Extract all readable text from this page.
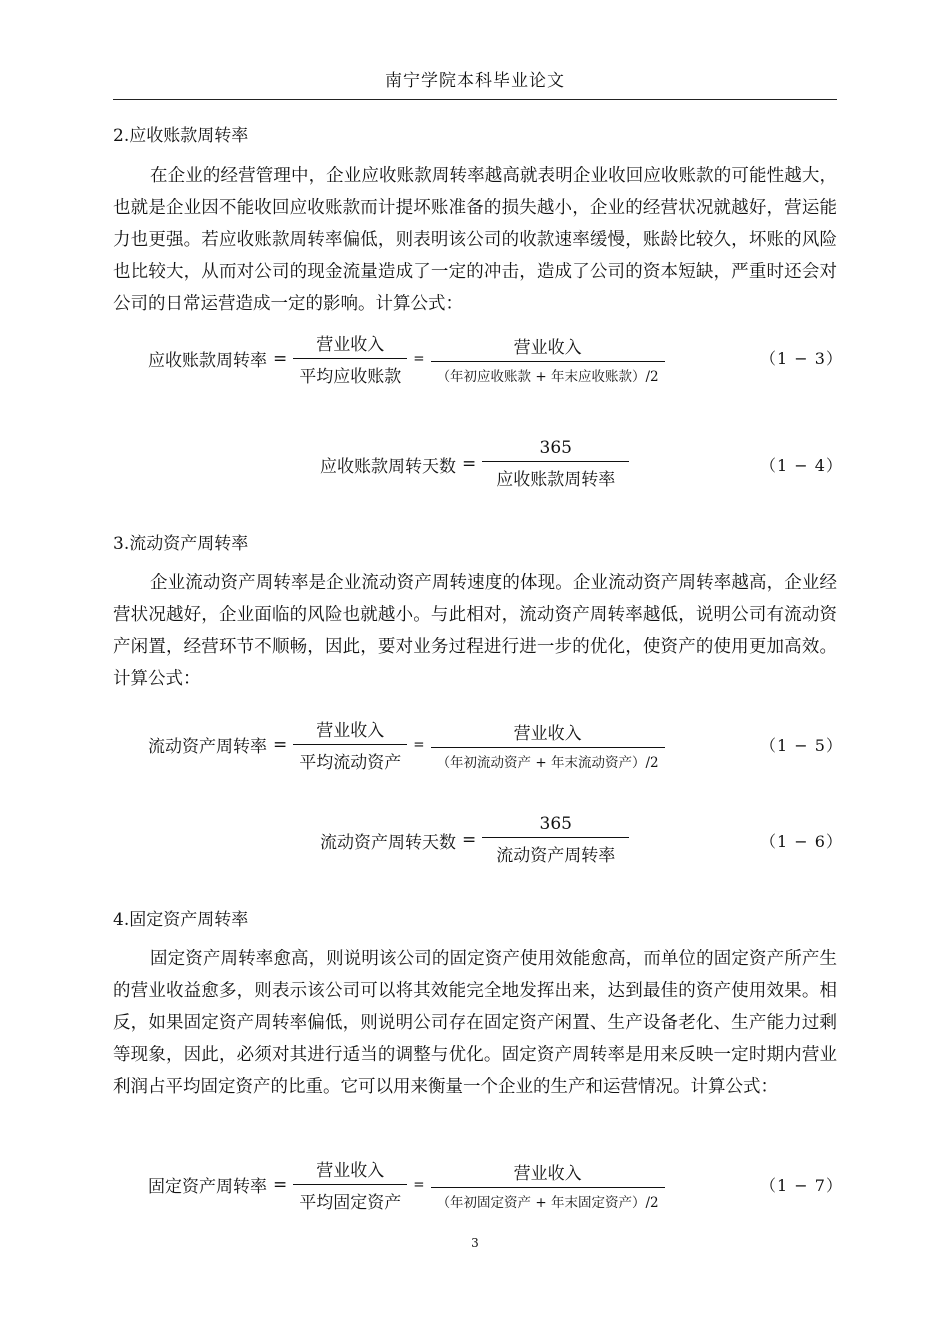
南宁学院本科毕业论文
2.应收账款周转率

在企业的经营管理中，企业应收账款周转率越高就表明企业收回应收账款的可能性越大，也就是企业因不能收回应收账款而计提坏账准备的损失越小，企业的经营状况就越好，营运能力也更强。若应收账款周转率偏低，则表明该公司的收款速率缓慢，账龄比较久，坏账的风险也比较大，从而对公司的现金流量造成了一定的冲击，造成了公司的资本短缺，严重时还会对公司的日常运营造成一定的影响。计算公式：

应收账款周转率 = $\frac{\text{营业收入}}{\text{平均应收账款}} = \frac{\text{营业收入}}{\text{（年初应收账款 + 年末应收账款）/2}}$	（1 − 3）
应收账款周转天数 = $\frac{365}{\text{应收账款周转率}}$	（1 − 4）
3.流动资产周转率

企业流动资产周转率是企业流动资产周转速度的体现。企业流动资产周转率越高，企业经营状况越好，企业面临的风险也就越小。与此相对，流动资产周转率越低，说明公司有流动资产闲置，经营环节不顺畅，因此，要对业务过程进行进一步的优化，使资产的使用更加高效。计算公式：

流动资产周转率 = $\frac{\text{营业收入}}{\text{平均流动资产}} = \frac{\text{营业收入}}{\text{（年初流动资产 + 年末流动资产）/2}}$	（1 − 5）
流动资产周转天数 = $\frac{365}{\text{流动资产周转率}}$	（1 − 6）
4.固定资产周转率

固定资产周转率愈高，则说明该公司的固定资产使用效能愈高，而单位的固定资产所产生的营业收益愈多，则表示该公司可以将其效能完全地发挥出来，达到最佳的资产使用效果。相反，如果固定资产周转率偏低，则说明公司存在固定资产闲置、生产设备老化、生产能力过剩等现象，因此，必须对其进行适当的调整与优化。固定资产周转率是用来反映一定时期内营业利润占平均固定资产的比重。它可以用来衡量一个企业的生产和运营情况。计算公式：

固定资产周转率 = $\frac{\text{营业收入}}{\text{平均固定资产}} = \frac{\text{营业收入}}{\text{（年初固定资产 + 年末固定资产）/2}}$	（1 − 7）
3
